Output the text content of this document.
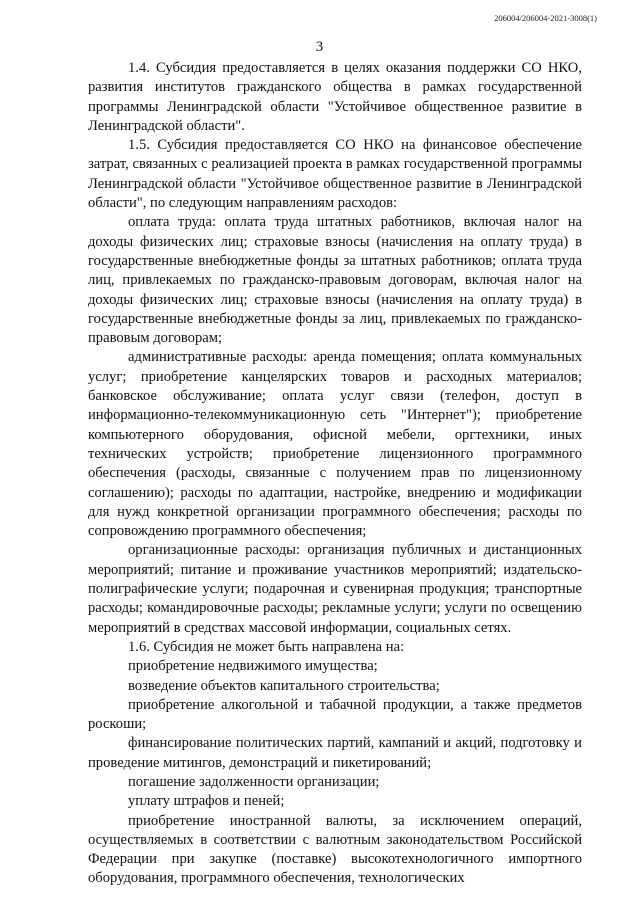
206004/206004-2021-3008(1)
3

1.4. Субсидия предоставляется в целях оказания поддержки СО НКО, развития институтов гражданского общества в рамках государственной программы Ленинградской области "Устойчивое общественное развитие в Ленинградской области".

1.5. Субсидия предоставляется СО НКО на финансовое обеспечение затрат, связанных с реализацией проекта в рамках государственной программы Ленинградской области "Устойчивое общественное развитие в Ленинградской области", по следующим направлениям расходов:

оплата труда: оплата труда штатных работников, включая налог на доходы физических лиц; страховые взносы (начисления на оплату труда) в государственные внебюджетные фонды за штатных работников; оплата труда лиц, привлекаемых по гражданско-правовым договорам, включая налог на доходы физических лиц; страховые взносы (начисления на оплату труда) в государственные внебюджетные фонды за лиц, привлекаемых по гражданско-правовым договорам;

административные расходы: аренда помещения; оплата коммунальных услуг; приобретение канцелярских товаров и расходных материалов; банковское обслуживание; оплата услуг связи (телефон, доступ в информационно-телекоммуникационную сеть "Интернет"); приобретение компьютерного оборудования, офисной мебели, оргтехники, иных технических устройств; приобретение лицензионного программного обеспечения (расходы, связанные с получением прав по лицензионному соглашению); расходы по адаптации, настройке, внедрению и модификации для нужд конкретной организации программного обеспечения; расходы по сопровождению программного обеспечения;

организационные расходы: организация публичных и дистанционных мероприятий; питание и проживание участников мероприятий; издательско-полиграфические услуги; подарочная и сувенирная продукция; транспортные расходы; командировочные расходы; рекламные услуги; услуги по освещению мероприятий в средствах массовой информации, социальных сетях.

1.6. Субсидия не может быть направлена на:

приобретение недвижимого имущества;

возведение объектов капитального строительства;

приобретение алкогольной и табачной продукции, а также предметов роскоши;

финансирование политических партий, кампаний и акций, подготовку и проведение митингов, демонстраций и пикетирований;

погашение задолженности организации;

уплату штрафов и пеней;

приобретение иностранной валюты, за исключением операций, осуществляемых в соответствии с валютным законодательством Российской Федерации при закупке (поставке) высокотехнологичного импортного оборудования, программного обеспечения, технологических
